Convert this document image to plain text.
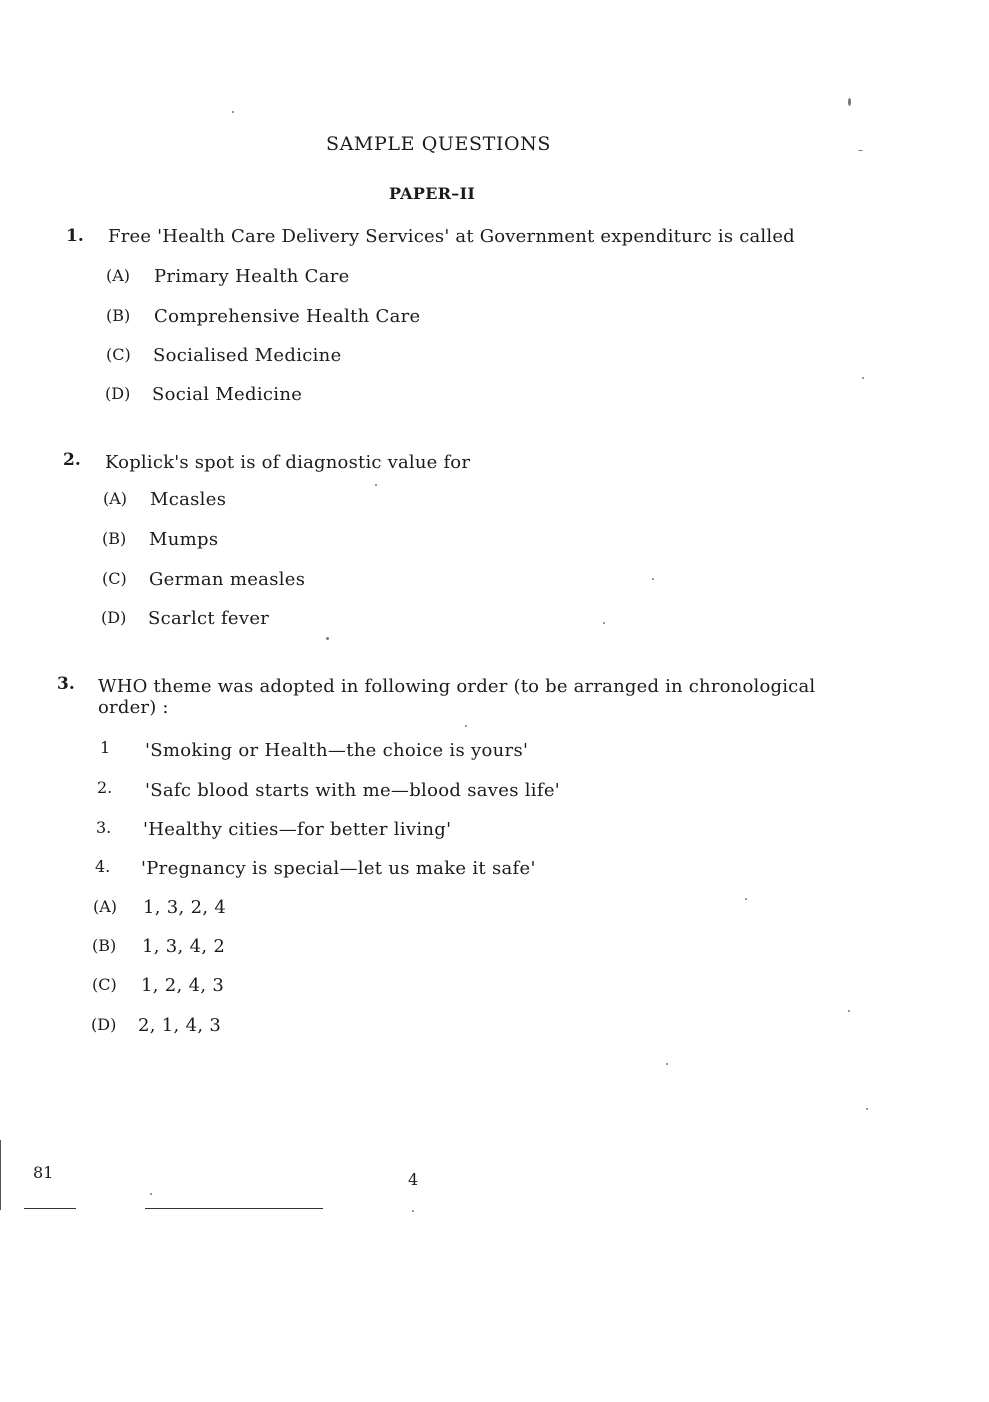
SAMPLE QUESTIONS
PAPER–II
1. Free 'Health Care Delivery Services' at Government expenditurc is called
(A) Primary Health Care
(B) Comprehensive Health Care
(C) Socialised Medicine
(D) Social Medicine
2. Koplick's spot is of diagnostic value for
(A) Mcasles
(B) Mumps
(C) German measles
(D) Scarlct fever
3. WHO theme was adopted in following order (to be arranged in chronological
order) :
1 'Smoking or Health—the choice is yours'
2. 'Safc blood starts with me—blood saves life'
3. 'Healthy cities—for better living'
4. 'Pregnancy is special—let us make it safe'
(A) 1, 3, 2, 4
(B) 1, 3, 4, 2
(C) 1, 2, 4, 3
(D) 2, 1, 4, 3
81	4
